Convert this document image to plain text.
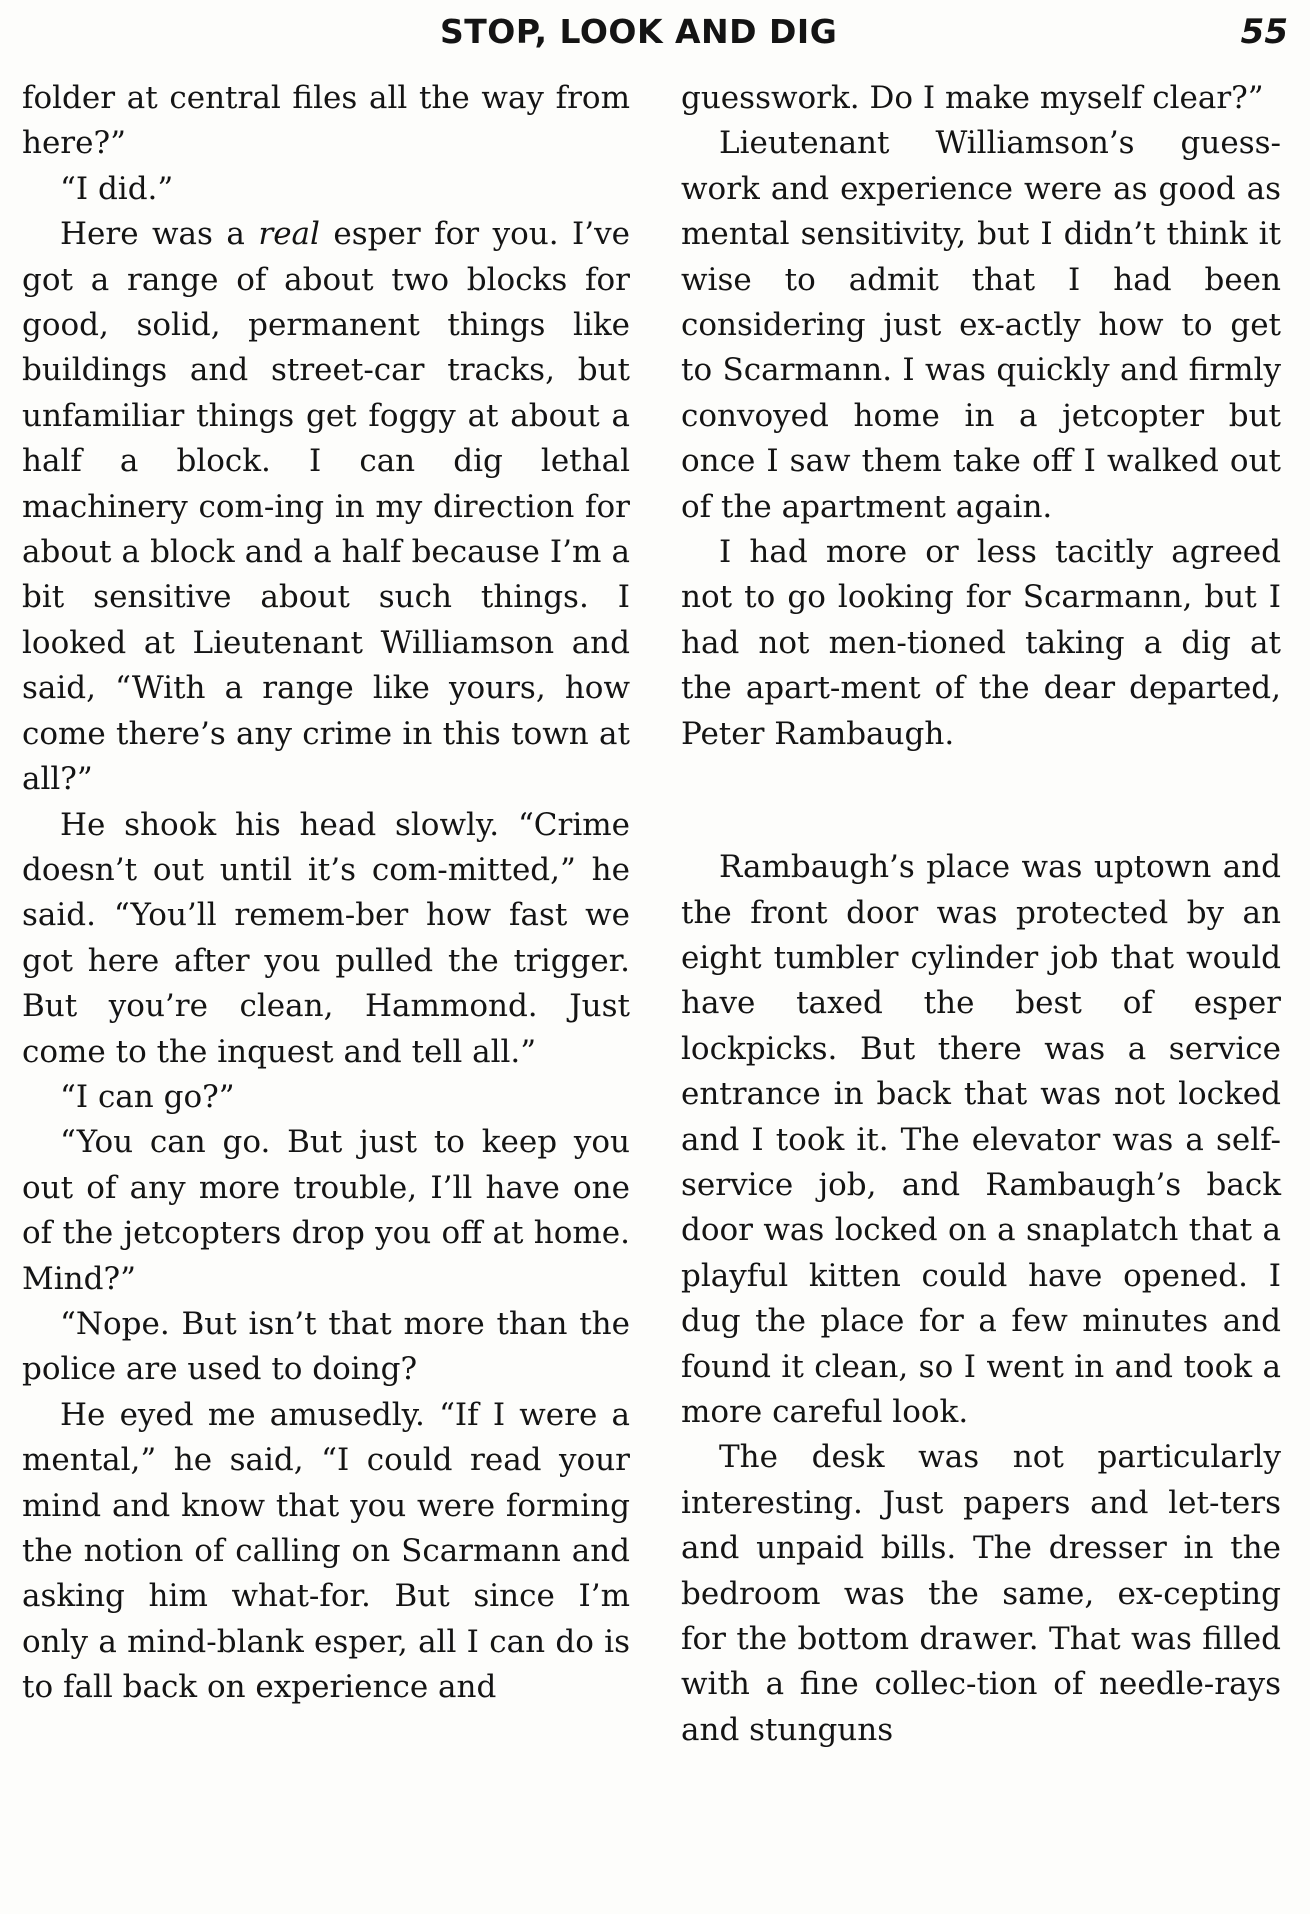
STOP, LOOK AND DIG	55

folder at central files all the way from here?”

“I did.”

Here was a real esper for you. I’ve got a range of about two blocks for good, solid, permanent things like buildings and street-car tracks, but unfamiliar things get foggy at about a half a block. I can dig lethal machinery com-ing in my direction for about a block and a half because I’m a bit sensitive about such things. I looked at Lieutenant Williamson and said, “With a range like yours, how come there’s any crime in this town at all?”

He shook his head slowly. “Crime doesn’t out until it’s com-mitted,” he said. “You’ll remem-ber how fast we got here after you pulled the trigger. But you’re clean, Hammond. Just come to the inquest and tell all.”

“I can go?”

“You can go. But just to keep you out of any more trouble, I’ll have one of the jetcopters drop you off at home. Mind?”

“Nope. But isn’t that more than the police are used to doing?

He eyed me amusedly. “If I were a mental,” he said, “I could read your mind and know that you were forming the notion of calling on Scarmann and asking him what-for. But since I’m only a mind-blank esper, all I can do is to fall back on experience and

guesswork. Do I make myself clear?”

Lieutenant Williamson’s guess-work and experience were as good as mental sensitivity, but I didn’t think it wise to admit that I had been considering just ex-actly how to get to Scarmann. I was quickly and firmly convoyed home in a jetcopter but once I saw them take off I walked out of the apartment again.

I had more or less tacitly agreed not to go looking for Scarmann, but I had not men-tioned taking a dig at the apart-ment of the dear departed, Peter Rambaugh.

Rambaugh’s place was uptown and the front door was protected by an eight tumbler cylinder job that would have taxed the best of esper lockpicks. But there was a service entrance in back that was not locked and I took it. The elevator was a self-service job, and Rambaugh’s back door was locked on a snaplatch that a playful kitten could have opened. I dug the place for a few minutes and found it clean, so I went in and took a more careful look.

The desk was not particularly interesting. Just papers and let-ters and unpaid bills. The dresser in the bedroom was the same, ex-cepting for the bottom drawer. That was filled with a fine collec-tion of needle-rays and stunguns
